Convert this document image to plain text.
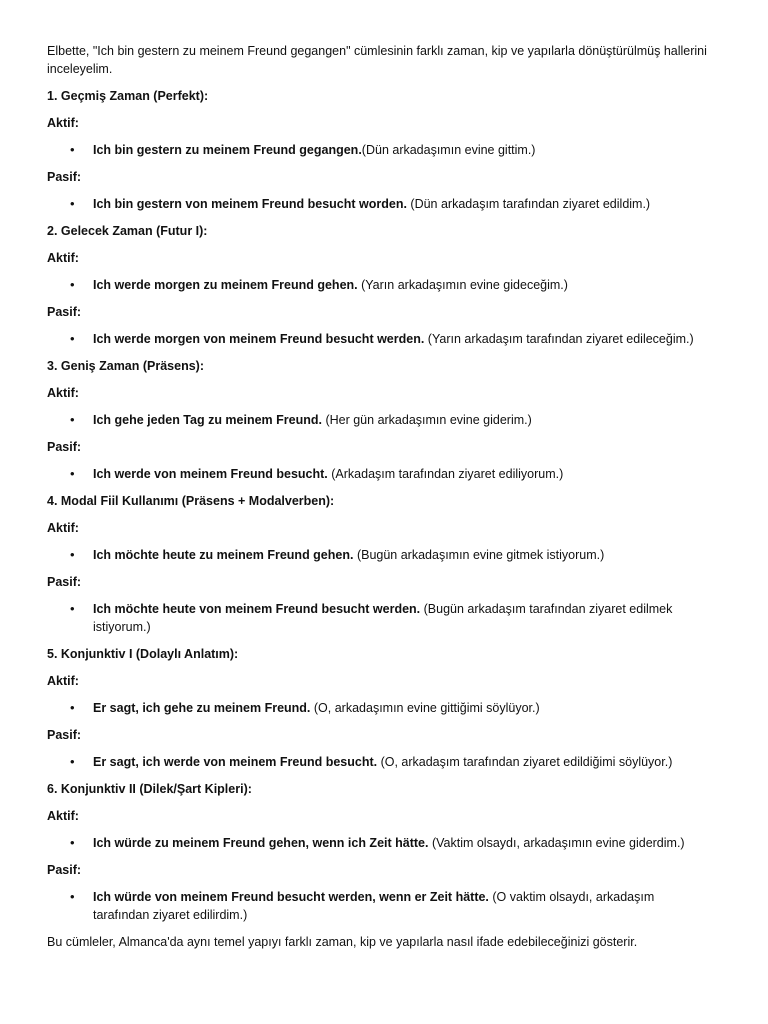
Elbette, "Ich bin gestern zu meinem Freund gegangen" cümlesinin farklı zaman, kip ve yapılarla dönüştürülmüş hallerini inceleyelim.

1. Geçmiş Zaman (Perfekt):

Aktif:

• Ich bin gestern zu meinem Freund gegangen.(Dün arkadaşımın evine gittim.)

Pasif:

• Ich bin gestern von meinem Freund besucht worden. (Dün arkadaşım tarafından ziyaret edildim.)

2. Gelecek Zaman (Futur I):

Aktif:

• Ich werde morgen zu meinem Freund gehen. (Yarın arkadaşımın evine gideceğim.)

Pasif:

• Ich werde morgen von meinem Freund besucht werden. (Yarın arkadaşım tarafından ziyaret edileceğim.)

3. Geniş Zaman (Präsens):

Aktif:

• Ich gehe jeden Tag zu meinem Freund. (Her gün arkadaşımın evine giderim.)

Pasif:

• Ich werde von meinem Freund besucht. (Arkadaşım tarafından ziyaret ediliyorum.)

4. Modal Fiil Kullanımı (Präsens + Modalverben):

Aktif:

• Ich möchte heute zu meinem Freund gehen. (Bugün arkadaşımın evine gitmek istiyorum.)

Pasif:

• Ich möchte heute von meinem Freund besucht werden. (Bugün arkadaşım tarafından ziyaret edilmek istiyorum.)

5. Konjunktiv I (Dolaylı Anlatım):

Aktif:

• Er sagt, ich gehe zu meinem Freund. (O, arkadaşımın evine gittiğimi söylüyor.)

Pasif:

• Er sagt, ich werde von meinem Freund besucht. (O, arkadaşım tarafından ziyaret edildiğimi söylüyor.)

6. Konjunktiv II (Dilek/Şart Kipleri):

Aktif:

• Ich würde zu meinem Freund gehen, wenn ich Zeit hätte. (Vaktim olsaydı, arkadaşımın evine giderdim.)

Pasif:

• Ich würde von meinem Freund besucht werden, wenn er Zeit hätte. (O vaktim olsaydı, arkadaşım tarafından ziyaret edilirdim.)

Bu cümleler, Almanca'da aynı temel yapıyı farklı zaman, kip ve yapılarla nasıl ifade edebileceğinizi gösterir.
